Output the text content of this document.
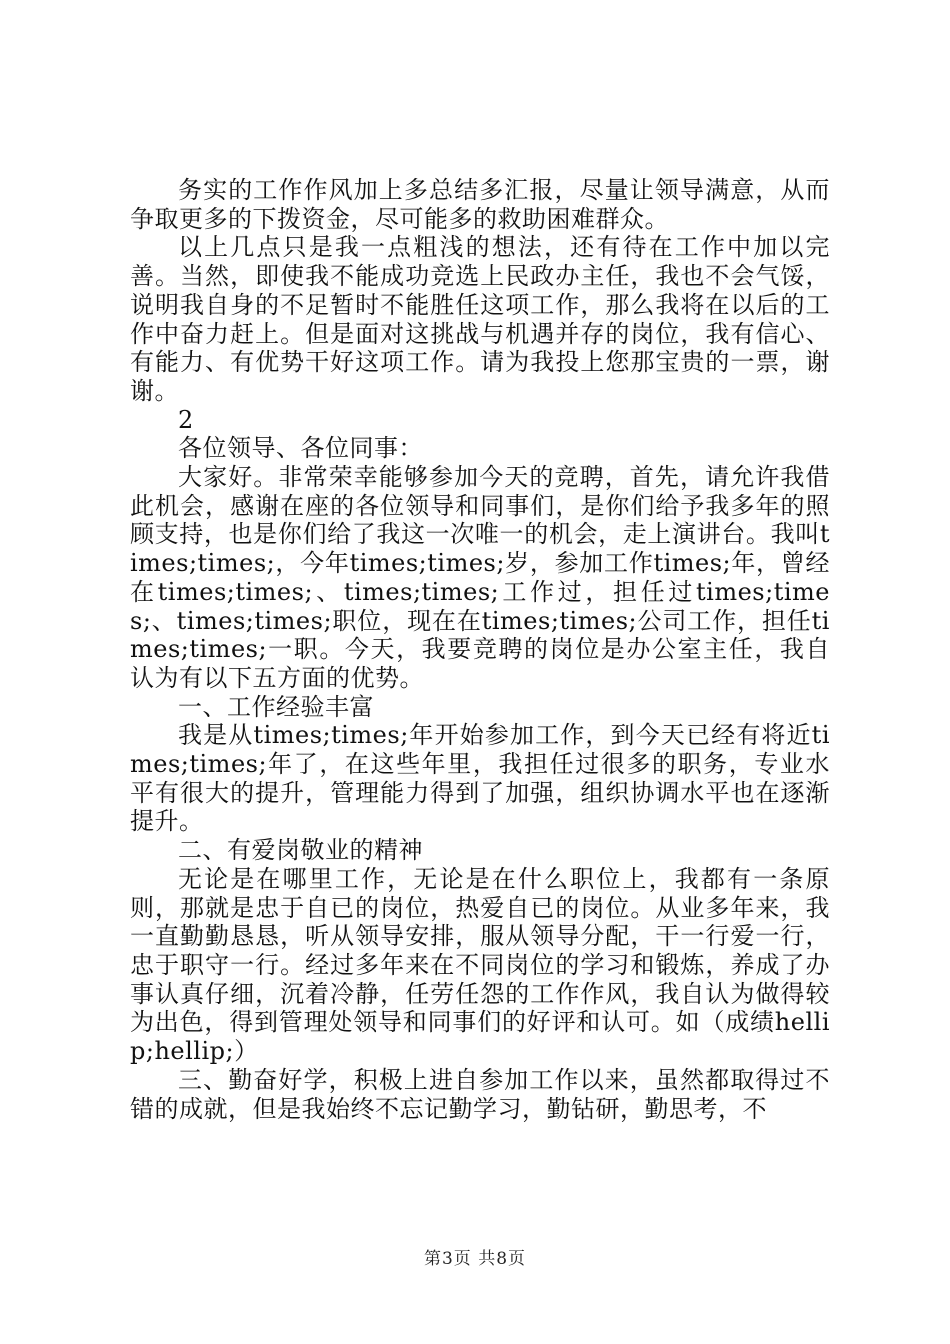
务实的工作作风加上多总结多汇报，尽量让领导满意，从而争取更多的下拨资金，尽可能多的救助困难群众。

以上几点只是我一点粗浅的想法，还有待在工作中加以完善。当然，即使我不能成功竞选上民政办主任，我也不会气馁，说明我自身的不足暂时不能胜任这项工作，那么我将在以后的工作中奋力赶上。但是面对这挑战与机遇并存的岗位，我有信心、有能力、有优势干好这项工作。请为我投上您那宝贵的一票，谢谢。

2

各位领导、各位同事：

大家好。非常荣幸能够参加今天的竞聘，首先，请允许我借此机会，感谢在座的各位领导和同事们，是你们给予我多年的照顾支持，也是你们给了我这一次唯一的机会，走上演讲台。我叫times;times;，今年times;times;岁，参加工作times;年，曾经在times;times;、times;times;工作过，担任过times;times;、times;times;职位，现在在times;times;公司工作，担任times;times;一职。今天，我要竞聘的岗位是办公室主任，我自认为有以下五方面的优势。

一、工作经验丰富

我是从times;times;年开始参加工作，到今天已经有将近times;times;年了，在这些年里，我担任过很多的职务，专业水平有很大的提升，管理能力得到了加强，组织协调水平也在逐渐提升。

二、有爱岗敬业的精神

无论是在哪里工作，无论是在什么职位上，我都有一条原则，那就是忠于自已的岗位，热爱自已的岗位。从业多年来，我一直勤勤恳恳，听从领导安排，服从领导分配，干一行爱一行，忠于职守一行。经过多年来在不同岗位的学习和锻炼，养成了办事认真仔细，沉着冷静，任劳任怨的工作作风，我自认为做得较为出色，得到管理处领导和同事们的好评和认可。如（成绩hellip;hellip;）

三、勤奋好学，积极上进自参加工作以来，虽然都取得过不错的成就，但是我始终不忘记勤学习，勤钻研，勤思考，不

第3页 共8页
